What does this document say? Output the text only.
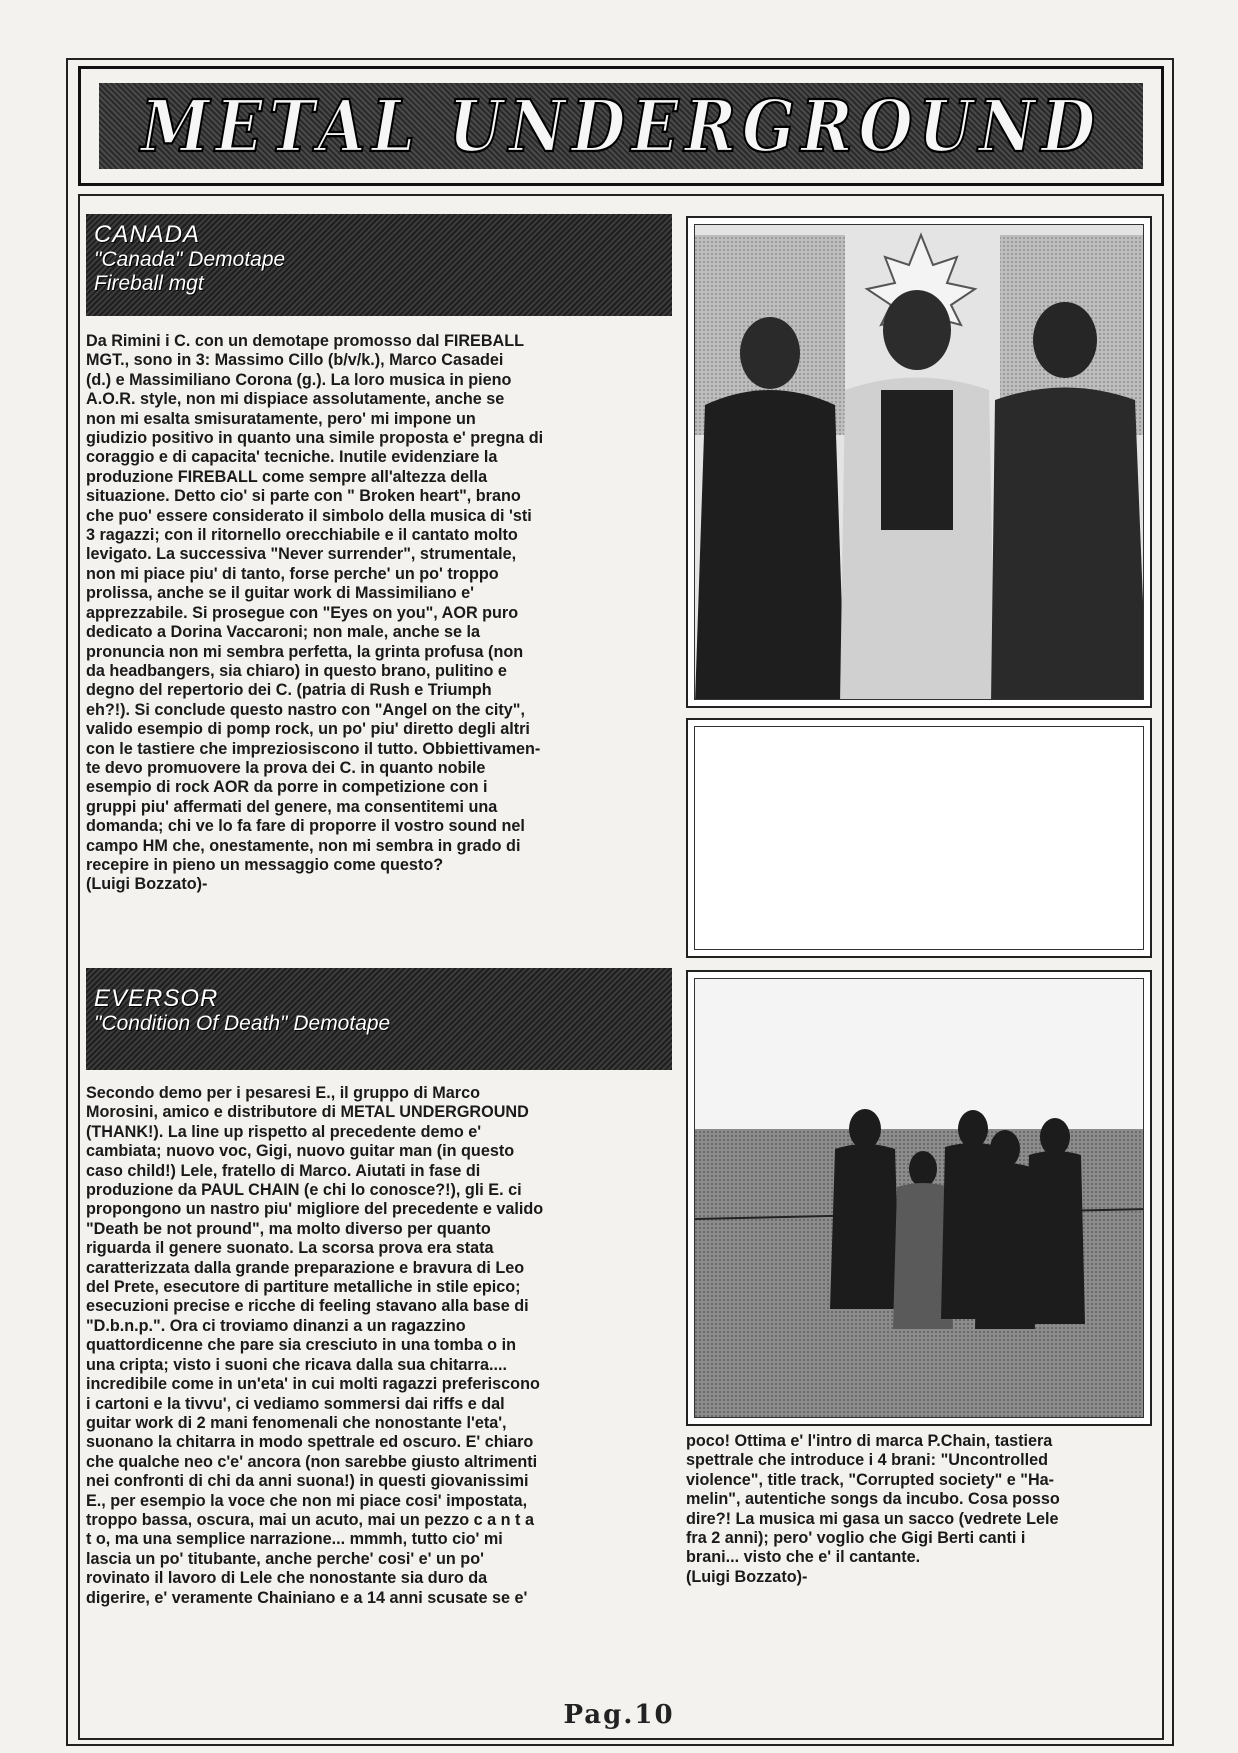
METAL UNDERGROUND
CANADA
"Canada" Demotape
Fireball mgt
Da Rimini i C. con un demotape promosso dal FIREBALL
MGT., sono in 3: Massimo Cillo (b/v/k.), Marco Casadei
(d.) e Massimiliano Corona (g.). La loro musica in pieno
A.O.R. style, non mi dispiace assolutamente, anche se
non mi esalta smisuratamente, pero' mi impone un
giudizio positivo in quanto una simile proposta e' pregna di
coraggio e di capacita' tecniche. Inutile evidenziare la
produzione FIREBALL come sempre all'altezza della
situazione. Detto cio' si parte con " Broken heart", brano
che puo' essere considerato il simbolo della musica di 'sti
3 ragazzi; con il ritornello orecchiabile e il cantato molto
levigato. La successiva "Never surrender", strumentale,
non mi piace piu' di tanto, forse perche' un po' troppo
prolissa, anche se il guitar work di Massimiliano e'
apprezzabile. Si prosegue con "Eyes on you", AOR puro
dedicato a Dorina Vaccaroni; non male, anche se la
pronuncia non mi sembra perfetta, la grinta profusa (non
da headbangers, sia chiaro) in questo brano, pulitino e
degno del repertorio dei C. (patria di Rush e Triumph
eh?!). Si conclude questo nastro con "Angel on the city",
valido esempio di pomp rock, un po' piu' diretto degli altri
con le tastiere che impreziosiscono il tutto. Obbiettivamen-
te devo promuovere la prova dei C. in quanto nobile
esempio di rock AOR da porre in competizione con i
gruppi piu' affermati del genere, ma consentitemi una
domanda; chi ve lo fa fare di proporre il vostro sound nel
campo HM che, onestamente, non mi sembra in grado di
recepire in pieno un messaggio come questo?
(Luigi Bozzato)-
EVERSOR
"Condition Of Death" Demotape
Secondo demo per i pesaresi E., il gruppo di Marco
Morosini, amico e distributore di METAL UNDERGROUND
(THANK!). La line up rispetto al precedente demo e'
cambiata; nuovo voc, Gigi, nuovo guitar man (in questo
caso child!) Lele, fratello di Marco. Aiutati in fase di
produzione da PAUL CHAIN (e chi lo conosce?!), gli E. ci
propongono un nastro piu' migliore del precedente e valido
"Death be not pround", ma molto diverso per quanto
riguarda il genere suonato. La scorsa prova era stata
caratterizzata dalla grande preparazione e bravura di Leo
del Prete, esecutore di partiture metalliche in stile epico;
esecuzioni precise e ricche di feeling stavano alla base di
"D.b.n.p.". Ora ci troviamo dinanzi a un ragazzino
quattordicenne che pare sia cresciuto in una tomba o in
una cripta; visto i suoni che ricava dalla sua chitarra....
incredibile come in un'eta' in cui molti ragazzi preferiscono
i cartoni e la tivvu', ci vediamo sommersi dai riffs e dal
guitar work di 2 mani fenomenali che nonostante l'eta',
suonano la chitarra in modo spettrale ed oscuro. E' chiaro
che qualche neo c'e' ancora (non sarebbe giusto altrimenti
nei confronti di chi da anni suona!) in questi giovanissimi
E., per esempio la voce che non mi piace cosi' impostata,
troppo bassa, oscura, mai un acuto, mai un pezzo c a n t a
t o, ma una semplice narrazione... mmmh, tutto cio' mi
lascia un po' titubante, anche perche' cosi' e' un po'
rovinato il lavoro di Lele che nonostante sia duro da
digerire, e' veramente Chainiano e a 14 anni scusate se e'
poco! Ottima e' l'intro di marca P.Chain, tastiera
spettrale che introduce i 4 brani: "Uncontrolled
violence", title track, "Corrupted society" e "Ha-
melin", autentiche songs da incubo. Cosa posso
dire?! La musica mi gasa un sacco (vedrete Lele
fra 2 anni); pero' voglio che Gigi Berti canti i
brani... visto che e' il cantante.
(Luigi Bozzato)-
Pag.10
